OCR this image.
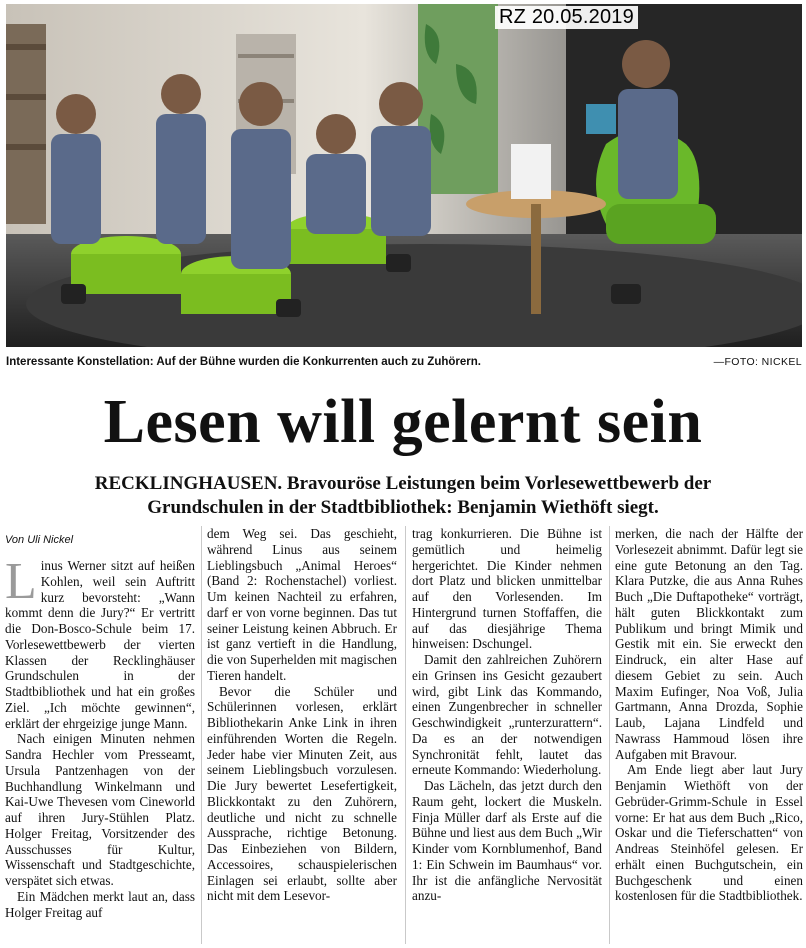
RZ 20.05.2019
Interessante Konstellation: Auf der Bühne wurden die Konkurrenten auch zu Zuhörern.	—FOTO: NICKEL
Lesen will gelernt sein
RECKLINGHAUSEN. Bravouröse Leistungen beim Vorlesewettbewerb der
Grundschulen in der Stadtbibliothek: Benjamin Wiethöft siegt.
Von Uli Nickel

Linus Werner sitzt auf heißen Kohlen, weil sein Auftritt kurz bevorsteht: „Wann kommt denn die Jury?“ Er vertritt die Don-Bosco-Schule beim 17. Vorlesewettbewerb der vierten Klassen der Recklinghäuser Grundschulen in der Stadtbibliothek und hat ein großes Ziel. „Ich möchte gewinnen“, erklärt der ehrgeizige junge Mann.

Nach einigen Minuten nehmen Sandra Hechler vom Presseamt, Ursula Pantzenhagen von der Buchhandlung Winkelmann und Kai-Uwe Thevesen vom Cineworld auf ihren Jury-Stühlen Platz. Holger Freitag, Vorsitzender des Ausschusses für Kultur, Wissenschaft und Stadtgeschichte, verspätet sich etwas.

Ein Mädchen merkt laut an, dass Holger Freitag auf

dem Weg sei. Das geschieht, während Linus aus seinem Lieblingsbuch „Animal Heroes“ (Band 2: Rochenstachel) vorliest. Um keinen Nachteil zu erfahren, darf er von vorne beginnen. Das tut seiner Leistung keinen Abbruch. Er ist ganz vertieft in die Handlung, die von Superhelden mit magischen Tieren handelt.

Bevor die Schüler und Schülerinnen vorlesen, erklärt Bibliothekarin Anke Link in ihren einführenden Worten die Regeln. Jeder habe vier Minuten Zeit, aus seinem Lieblingsbuch vorzulesen. Die Jury bewertet Lesefertigkeit, Blickkontakt zu den Zuhörern, deutliche und nicht zu schnelle Aussprache, richtige Betonung. Das Einbeziehen von Bildern, Accessoires, schauspielerischen Einlagen sei erlaubt, sollte aber nicht mit dem Lesevor-

trag konkurrieren. Die Bühne ist gemütlich und heimelig hergerichtet. Die Kinder nehmen dort Platz und blicken unmittelbar auf den Vorlesenden. Im Hintergrund turnen Stoffaffen, die auf das diesjährige Thema hinweisen: Dschungel.

Damit den zahlreichen Zuhörern ein Grinsen ins Gesicht gezaubert wird, gibt Link das Kommando, einen Zungenbrecher in schneller Geschwindigkeit „runterzurattern“. Da es an der notwendigen Synchronität fehlt, lautet das erneute Kommando: Wiederholung.

Das Lächeln, das jetzt durch den Raum geht, lockert die Muskeln. Finja Müller darf als Erste auf die Bühne und liest aus dem Buch „Wir Kinder vom Kornblumenhof, Band 1: Ein Schwein im Baumhaus“ vor. Ihr ist die anfängliche Nervosität anzu-

merken, die nach der Hälfte der Vorlesezeit abnimmt. Dafür legt sie eine gute Betonung an den Tag. Klara Putzke, die aus Anna Ruhes Buch „Die Duftapotheke“ vorträgt, hält guten Blickkontakt zum Publikum und bringt Mimik und Gestik mit ein. Sie erweckt den Eindruck, ein alter Hase auf diesem Gebiet zu sein. Auch Maxim Eufinger, Noa Voß, Julia Gartmann, Anna Drozda, Sophie Laub, Lajana Lindfeld und Nawrass Hammoud lösen ihre Aufgaben mit Bravour.

Am Ende liegt aber laut Jury Benjamin Wiethöft von der Gebrüder-Grimm-Schule in Essel vorne: Er hat aus dem Buch „Rico, Oskar und die Tieferschatten“ von Andreas Steinhöfel gelesen. Er erhält einen Buchgutschein, ein Buchgeschenk und einen kostenlosen für die Stadtbibliothek.
